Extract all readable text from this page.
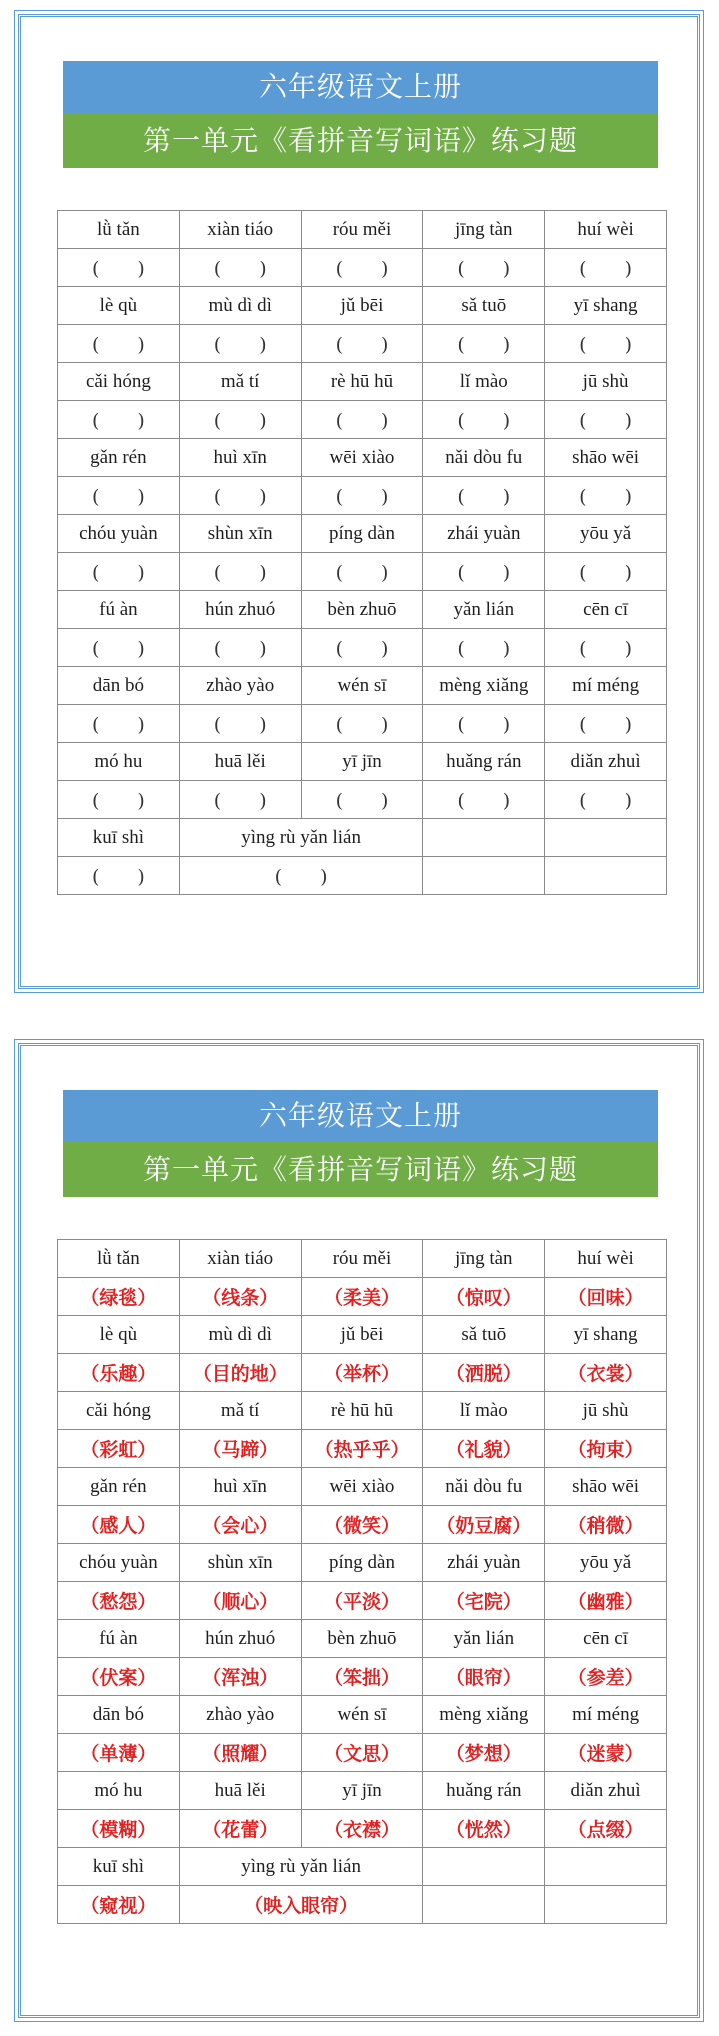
六年级语文上册
第一单元《看拼音写词语》练习题
lǜ tǎn	xiàn tiáo	róu měi	jīng tàn	huí wèi
(　　)	(　　)	(　　)	(　　)	(　　)
lè qù	mù dì dì	jǔ bēi	sǎ tuō	yī shang
(　　)	(　　)	(　　)	(　　)	(　　)
cǎi hóng	mǎ tí	rè hū hū	lǐ mào	jū shù
(　　)	(　　)	(　　)	(　　)	(　　)
gǎn rén	huì xīn	wēi xiào	nǎi dòu fu	shāo wēi
(　　)	(　　)	(　　)	(　　)	(　　)
chóu yuàn	shùn xīn	píng dàn	zhái yuàn	yōu yǎ
(　　)	(　　)	(　　)	(　　)	(　　)
fú àn	hún zhuó	bèn zhuō	yǎn lián	cēn cī
(　　)	(　　)	(　　)	(　　)	(　　)
dān bó	zhào yào	wén sī	mèng xiǎng	mí méng
(　　)	(　　)	(　　)	(　　)	(　　)
mó hu	huā lěi	yī jīn	huǎng rán	diǎn zhuì
(　　)	(　　)	(　　)	(　　)	(　　)
kuī shì	yìng rù yǎn lián			
(　　)	(　　)			
六年级语文上册
第一单元《看拼音写词语》练习题
lǜ tǎn	xiàn tiáo	róu měi	jīng tàn	huí wèi
（绿毯）	（线条）	（柔美）	（惊叹）	（回味）
lè qù	mù dì dì	jǔ bēi	sǎ tuō	yī shang
（乐趣）	（目的地）	（举杯）	（洒脱）	（衣裳）
cǎi hóng	mǎ tí	rè hū hū	lǐ mào	jū shù
（彩虹）	（马蹄）	（热乎乎）	（礼貌）	（拘束）
gǎn rén	huì xīn	wēi xiào	nǎi dòu fu	shāo wēi
（感人）	（会心）	（微笑）	（奶豆腐）	（稍微）
chóu yuàn	shùn xīn	píng dàn	zhái yuàn	yōu yǎ
（愁怨）	（顺心）	（平淡）	（宅院）	（幽雅）
fú àn	hún zhuó	bèn zhuō	yǎn lián	cēn cī
（伏案）	（浑浊）	（笨拙）	（眼帘）	（参差）
dān bó	zhào yào	wén sī	mèng xiǎng	mí méng
（单薄）	（照耀）	（文思）	（梦想）	（迷蒙）
mó hu	huā lěi	yī jīn	huǎng rán	diǎn zhuì
（模糊）	（花蕾）	（衣襟）	（恍然）	（点缀）
kuī shì	yìng rù yǎn lián			
（窥视）	（映入眼帘）			
